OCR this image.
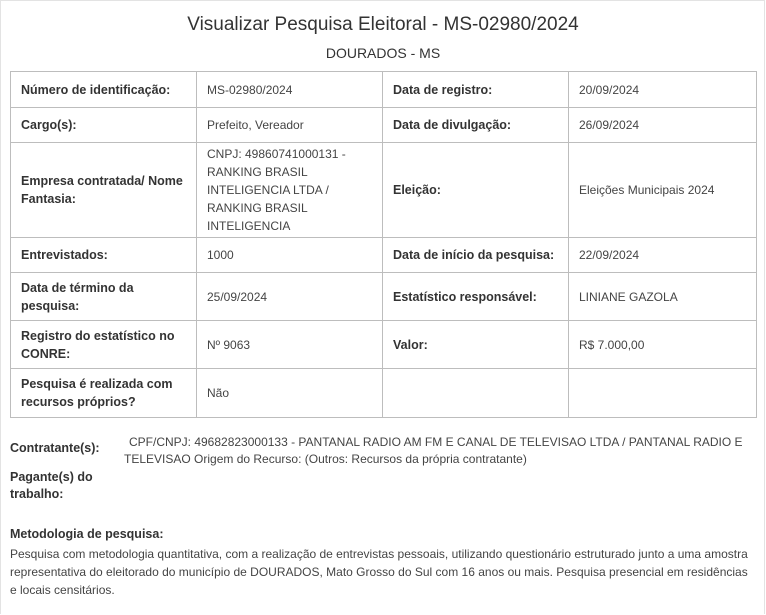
Visualizar Pesquisa Eleitoral - MS-02980/2024
DOURADOS - MS
Número de identificação:	MS-02980/2024	Data de registro:	20/09/2024
Cargo(s):	Prefeito, Vereador	Data de divulgação:	26/09/2024
Empresa contratada/ Nome Fantasia:	CNPJ: 49860741000131 - RANKING BRASIL INTELIGENCIA LTDA / RANKING BRASIL INTELIGENCIA	Eleição:	Eleições Municipais 2024
Entrevistados:	1000	Data de início da pesquisa:	22/09/2024
Data de término da pesquisa:	25/09/2024	Estatístico responsável:	LINIANE GAZOLA
Registro do estatístico no CONRE:	Nº 9063	Valor:	R$ 7.000,00
Pesquisa é realizada com recursos próprios?	Não		
Contratante(s):	CPF/CNPJ: 49682823000133 - PANTANAL RADIO AM FM E CANAL DE TELEVISAO LTDA / PANTANAL RADIO E TELEVISAO Origem do Recurso: (Outros: Recursos da própria contratante)
Pagante(s) do trabalho:
Metodologia de pesquisa:
Pesquisa com metodologia quantitativa, com a realização de entrevistas pessoais, utilizando questionário estruturado junto a uma amostra representativa do eleitorado do município de DOURADOS, Mato Grosso do Sul com 16 anos ou mais. Pesquisa presencial em residências e locais censitários.
